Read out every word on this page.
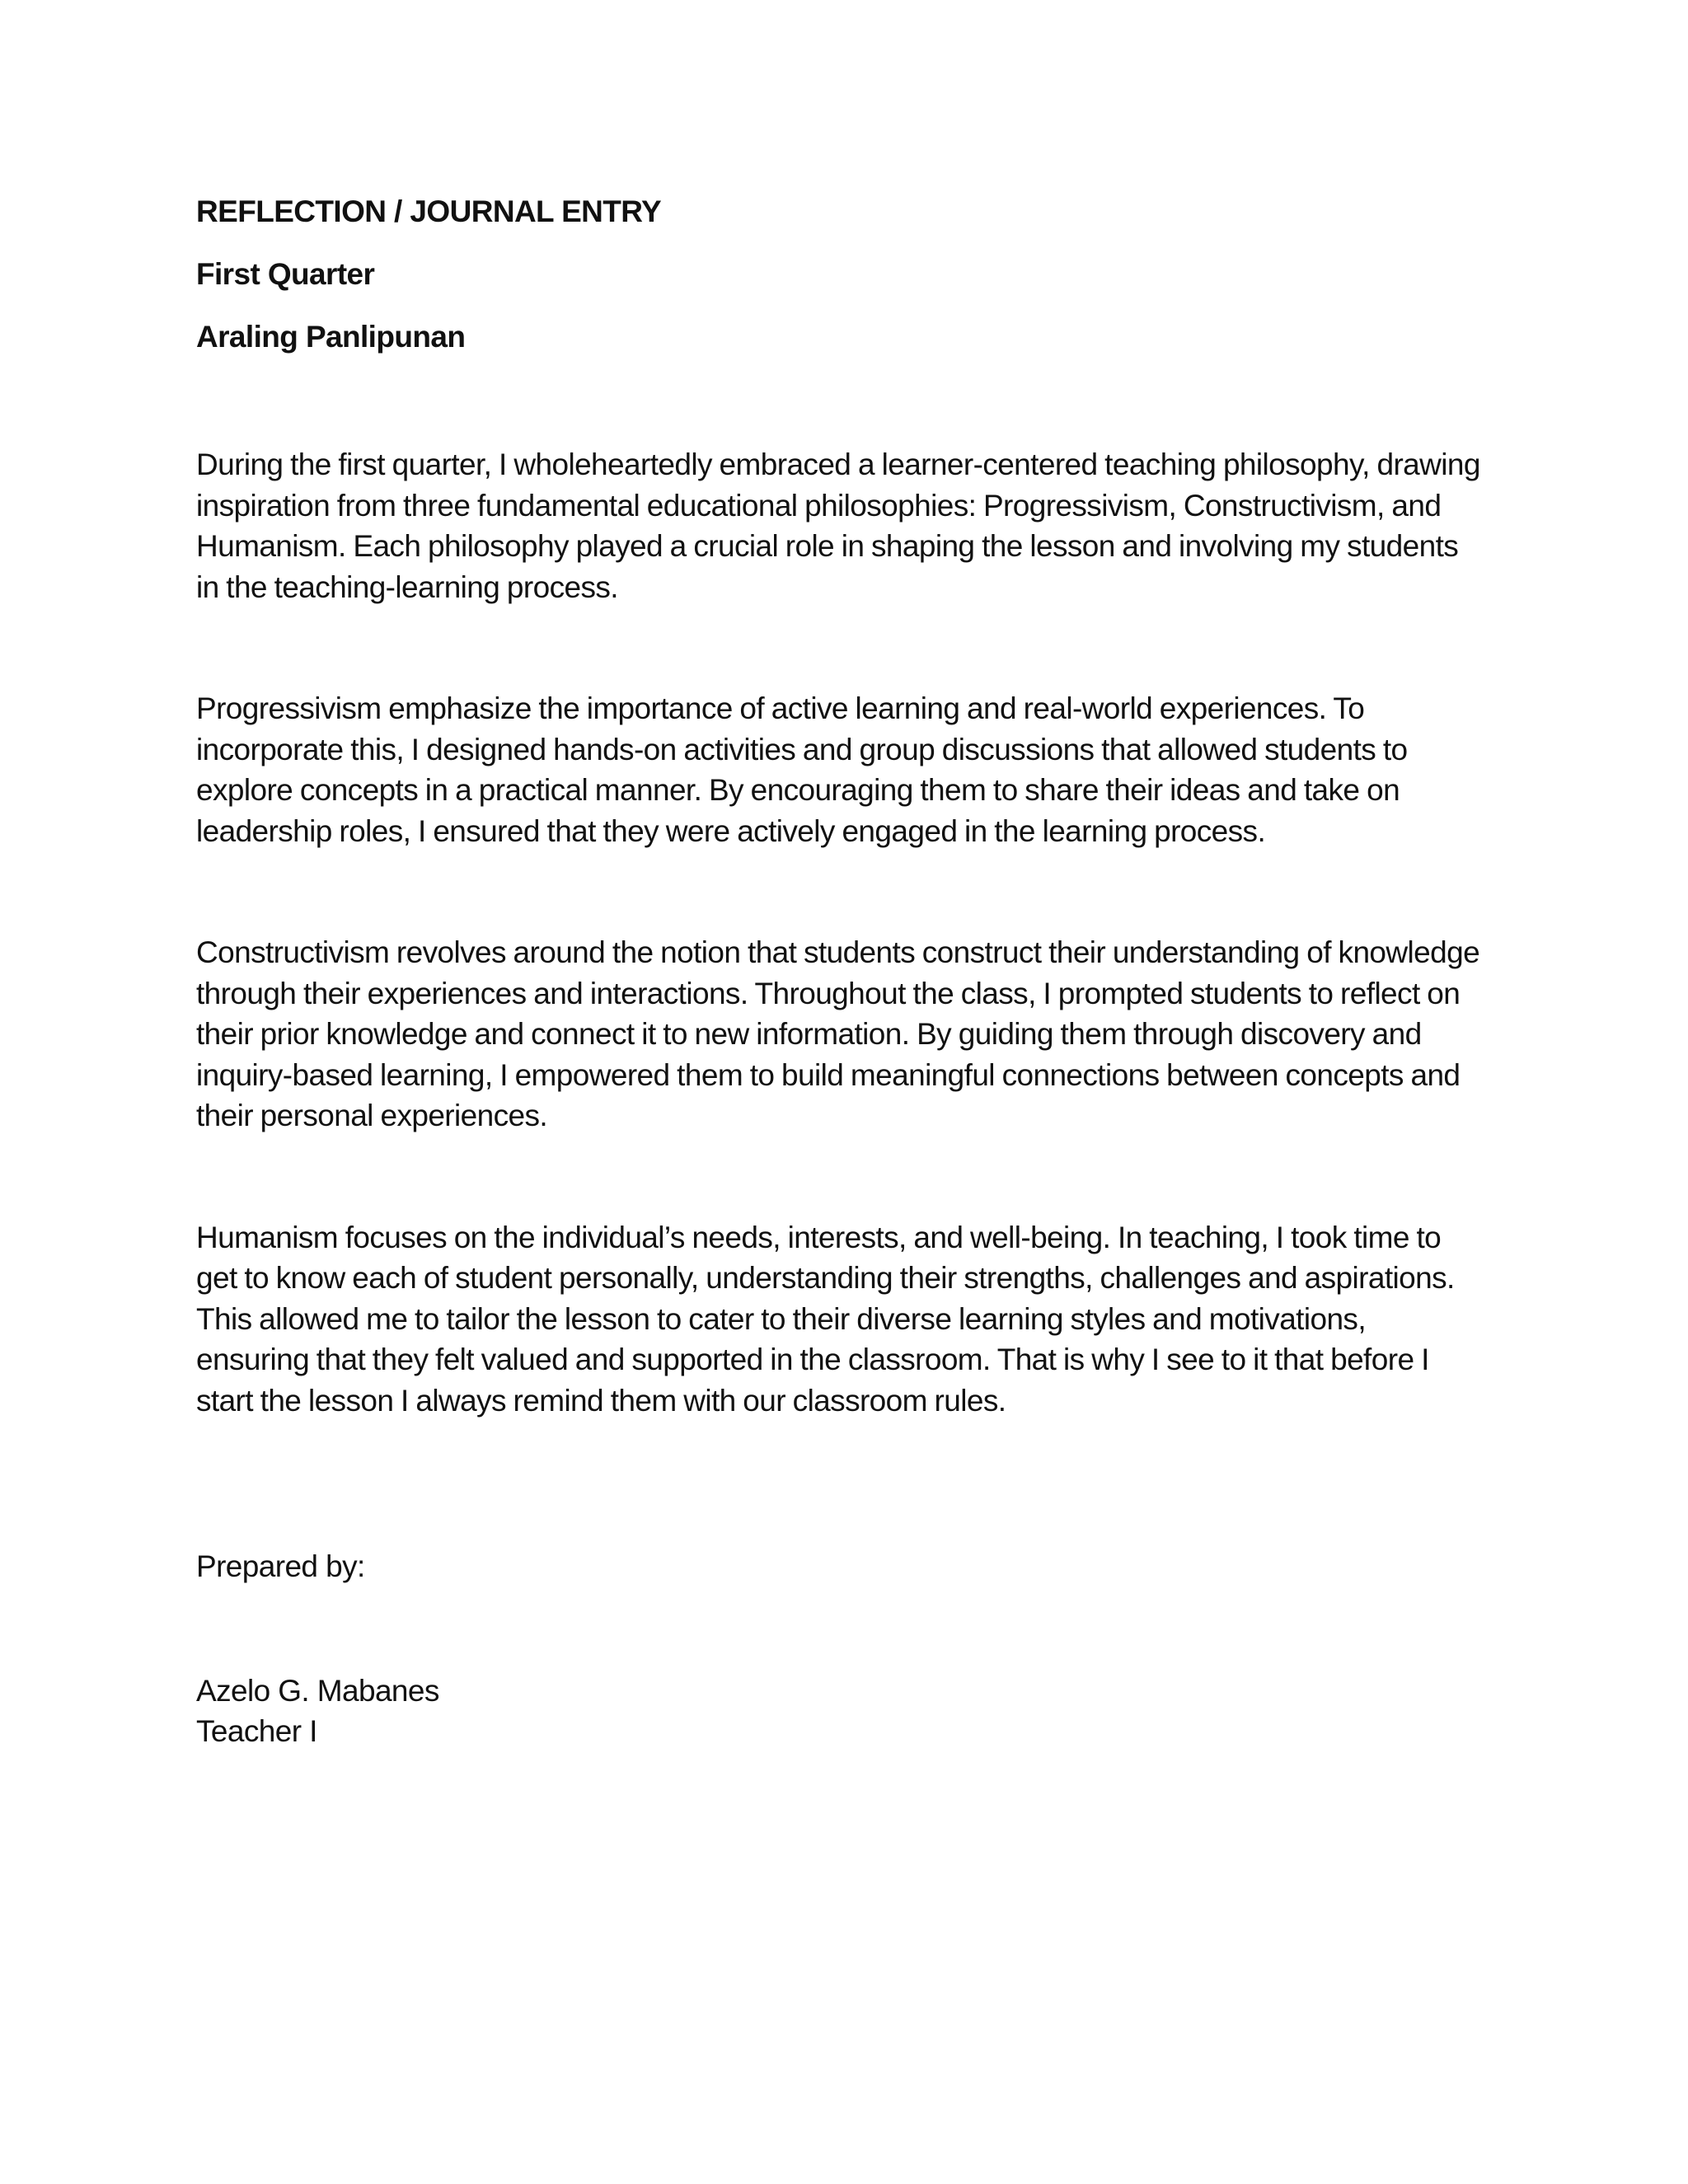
REFLECTION / JOURNAL ENTRY
First Quarter
Araling Panlipunan

During the first quarter, I wholeheartedly embraced a learner-centered teaching philosophy, drawing inspiration from three fundamental educational philosophies: Progressivism, Constructivism, and Humanism. Each philosophy played a crucial role in shaping the lesson and involving my students in the teaching-learning process.

Progressivism emphasize the importance of active learning and real-world experiences. To incorporate this, I designed hands-on activities and group discussions that allowed students to explore concepts in a practical manner. By encouraging them to share their ideas and take on leadership roles, I ensured that they were actively engaged in the learning process.

Constructivism revolves around the notion that students construct their understanding of knowledge through their experiences and interactions. Throughout the class, I prompted students to reflect on their prior knowledge and connect it to new information. By guiding them through discovery and inquiry-based learning, I empowered them to build meaningful connections between concepts and their personal experiences.

Humanism focuses on the individual’s needs, interests, and well-being. In teaching, I took time to get to know each of student personally, understanding their strengths, challenges and aspirations. This allowed me to tailor the lesson to cater to their diverse learning styles and motivations, ensuring that they felt valued and supported in the classroom. That is why I see to it that before I start the lesson I always remind them with our classroom rules.

Prepared by:
Azelo G. Mabanes
Teacher I
